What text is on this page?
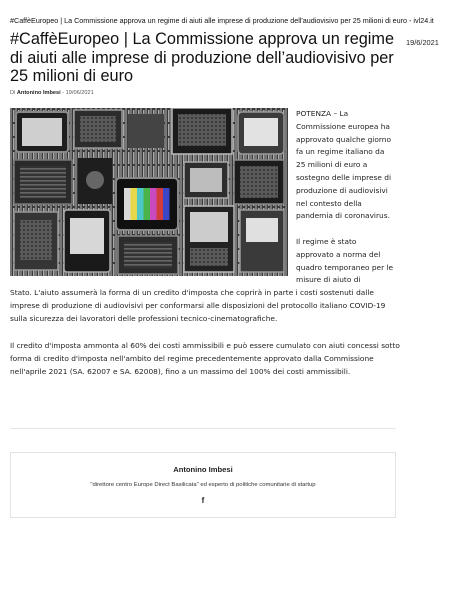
#CaffèEuropeo | La Commissione approva un regime di aiuti alle imprese di produzione dell'audiovisivo per 25 milioni di euro - ivl24.it
19/6/2021
#CaffèEuropeo | La Commissione approva un regime di aiuti alle imprese di produzione dell’audiovisivo per 25 milioni di euro
Di Antonino Imbesi - 19/06/2021

POTENZA – La Commissione europea ha approvato qualche giorno fa un regime italiano da 25 milioni di euro a sostegno delle imprese di produzione di audiovisivi nel contesto della pandemia di coronavirus.

Il regime è stato approvato a norma del quadro temporaneo per le misure di aiuto di

Stato. L'aiuto assumerà la forma di un credito d'imposta che coprirà in parte i costi sostenuti dalle imprese di produzione di audiovisivi per conformarsi alle disposizioni del protocollo italiano COVID-19 sulla sicurezza dei lavoratori delle professioni tecnico-cinematografiche.

Il credito d'imposta ammonta al 60% dei costi ammissibili e può essere cumulato con aiuti concessi sotto forma di credito d'imposta nell'ambito del regime precedentemente approvato dalla Commissione nell'aprile 2021 (SA. 62007 e SA. 62008), fino a un massimo del 100% dei costi ammissibili.

Antonino Imbesi
"direttore centro Europe Direct Basilicata" ed esperto di politiche comunitarie di startup
f
